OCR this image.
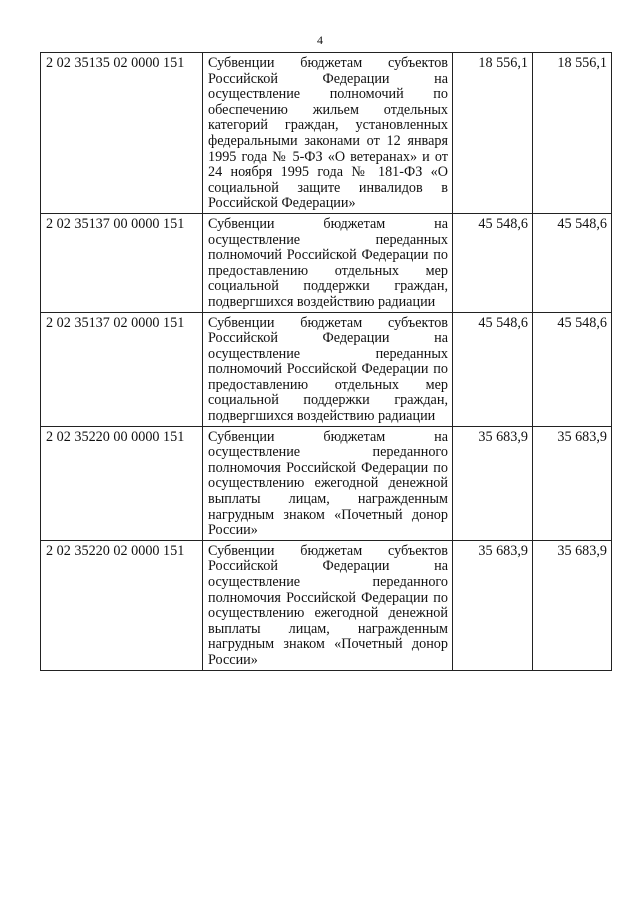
4
2 02 35135 02 0000 151	Субвенции бюджетам субъектов Российской Федерации на осуществление полномочий по обеспечению жильем отдельных категорий граждан, установленных федеральными законами от 12 января 1995 года № 5-ФЗ «О ветеранах» и от 24 ноября 1995 года № 181-ФЗ «О социальной защите инвалидов в Российской Федерации»	18 556,1	18 556,1
2 02 35137 00 0000 151	Субвенции бюджетам на осуществление переданных полномочий Российской Федерации по предоставлению отдельных мер социальной поддержки граждан, подвергшихся воздействию радиации	45 548,6	45 548,6
2 02 35137 02 0000 151	Субвенции бюджетам субъектов Российской Федерации на осуществление переданных полномочий Российской Федерации по предоставлению отдельных мер социальной поддержки граждан, подвергшихся воздействию радиации	45 548,6	45 548,6
2 02 35220 00 0000 151	Субвенции бюджетам на осуществление переданного полномочия Российской Федерации по осуществлению ежегодной денежной выплаты лицам, награжденным нагрудным знаком «Почетный донор России»	35 683,9	35 683,9
2 02 35220 02 0000 151	Субвенции бюджетам субъектов Российской Федерации на осуществление переданного полномочия Российской Федерации по осуществлению ежегодной денежной выплаты лицам, награжденным нагрудным знаком «Почетный донор России»	35 683,9	35 683,9
